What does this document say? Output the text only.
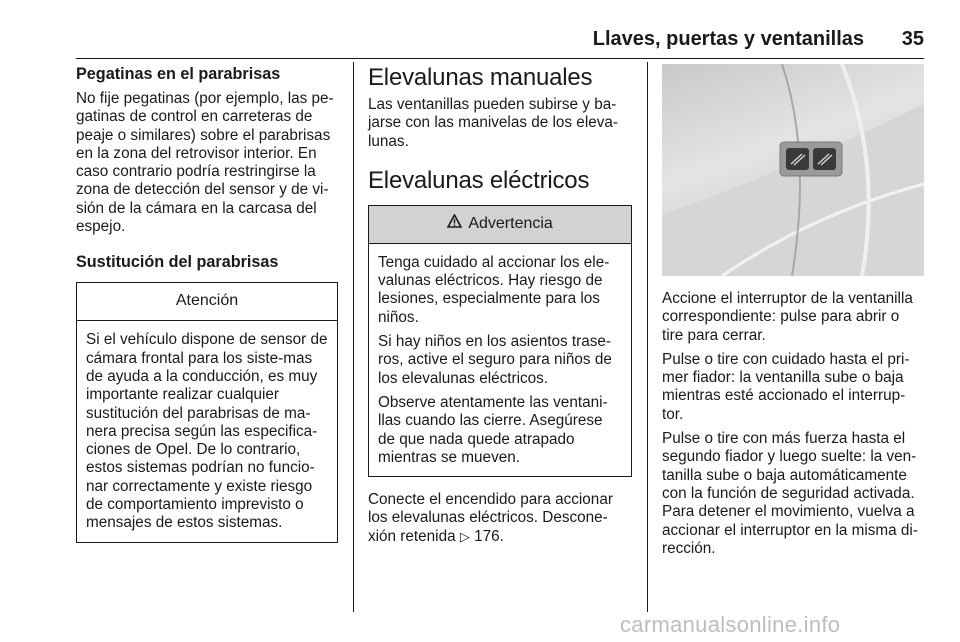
Llaves, puertas y ventanillas 35
Pegatinas en el parabrisas

No fije pegatinas (por ejemplo, las pe-gatinas de control en carreteras de peaje o similares) sobre el parabrisas en la zona del retrovisor interior. En caso contrario podría restringirse la zona de detección del sensor y de vi-sión de la cámara en la carcasa del espejo.

Sustitución del parabrisas
Atención

Si el vehículo dispone de sensor de cámara frontal para los siste-mas de ayuda a la conducción, es muy importante realizar cualquier sustitución del parabrisas de ma-nera precisa según las especifica-ciones de Opel. De lo contrario, estos sistemas podrían no funcio-nar correctamente y existe riesgo de comportamiento imprevisto o mensajes de estos sistemas.

Elevalunas manuales

Las ventanillas pueden subirse y ba-jarse con las manivelas de los eleva-lunas.

Elevalunas eléctricos
Advertencia

Tenga cuidado al accionar los ele-valunas eléctricos. Hay riesgo de lesiones, especialmente para los niños.

Si hay niños en los asientos trase-ros, active el seguro para niños de los elevalunas eléctricos.

Observe atentamente las ventani-llas cuando las cierre. Asegúrese de que nada quede atrapado mientras se mueven.

Conecte el encendido para accionar los elevalunas eléctricos. Descone-xión retenida ▷ 176.

Accione el interruptor de la ventanilla correspondiente: pulse para abrir o tire para cerrar.

Pulse o tire con cuidado hasta el pri-mer fiador: la ventanilla sube o baja mientras esté accionado el interrup-tor.

Pulse o tire con más fuerza hasta el segundo fiador y luego suelte: la ven-tanilla sube o baja automáticamente con la función de seguridad activada. Para detener el movimiento, vuelva a accionar el interruptor en la misma di-rección.

carmanualsonline.info
